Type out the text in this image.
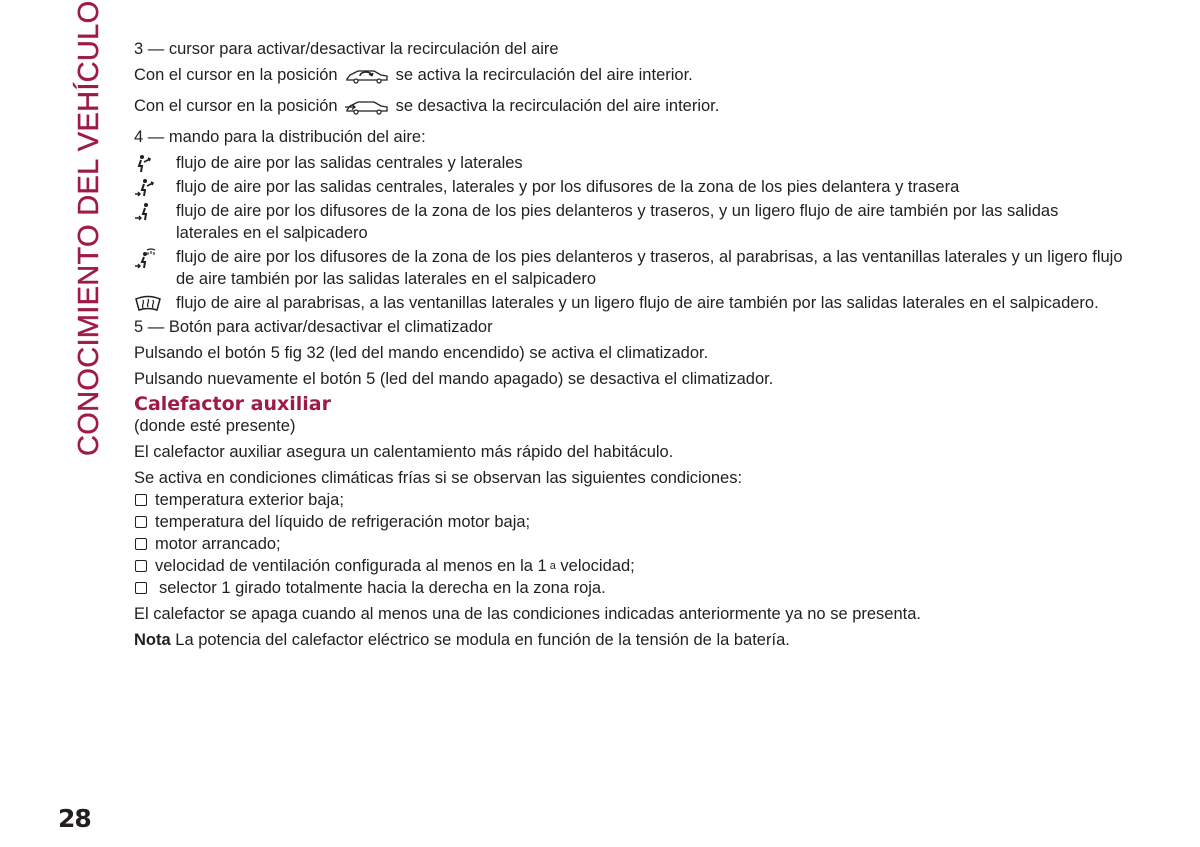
CONOCIMIENTO DEL VEHÍCULO 3 — cursor para activar/desactivar la recirculación del aire

Con el cursor en la posición	se activa la recirculación del aire interior.

Con el cursor en la posición	se desactiva la recirculación del aire interior.

4 — mando para la distribución del aire:

flujo de aire por las salidas centrales y laterales
flujo de aire por las salidas centrales, laterales y por los difusores de la zona de los pies delantera y trasera
flujo de aire por los difusores de la zona de los pies delanteros y traseros, y un ligero flujo de aire también por las salidas laterales en el salpicadero
flujo de aire por los difusores de la zona de los pies delanteros y traseros, al parabrisas, a las ventanillas laterales y un ligero flujo de aire también por las salidas laterales en el salpicadero
flujo de aire al parabrisas, a las ventanillas laterales y un ligero flujo de aire también por las salidas laterales en el salpicadero.

5 — Botón para activar/desactivar el climatizador

Pulsando el botón 5 fig 32 (led del mando encendido) se activa el climatizador.

Pulsando nuevamente el botón 5 (led del mando apagado) se desactiva el climatizador.

Calefactor auxiliar

(donde esté presente)

El calefactor auxiliar asegura un calentamiento más rápido del habitáculo.

Se activa en condiciones climáticas frías si se observan las siguientes condiciones:

temperatura exterior baja;
temperatura del líquido de refrigeración motor baja;
motor arrancado;
velocidad de ventilación configurada al menos en la 1 a
velocidad;
selector 1 girado totalmente hacia la derecha en la zona roja.

El calefactor se apaga cuando al menos una de las condiciones indicadas anteriormente ya no se presenta.

Nota La potencia del calefactor eléctrico se modula en función de la tensión de la batería.

28
